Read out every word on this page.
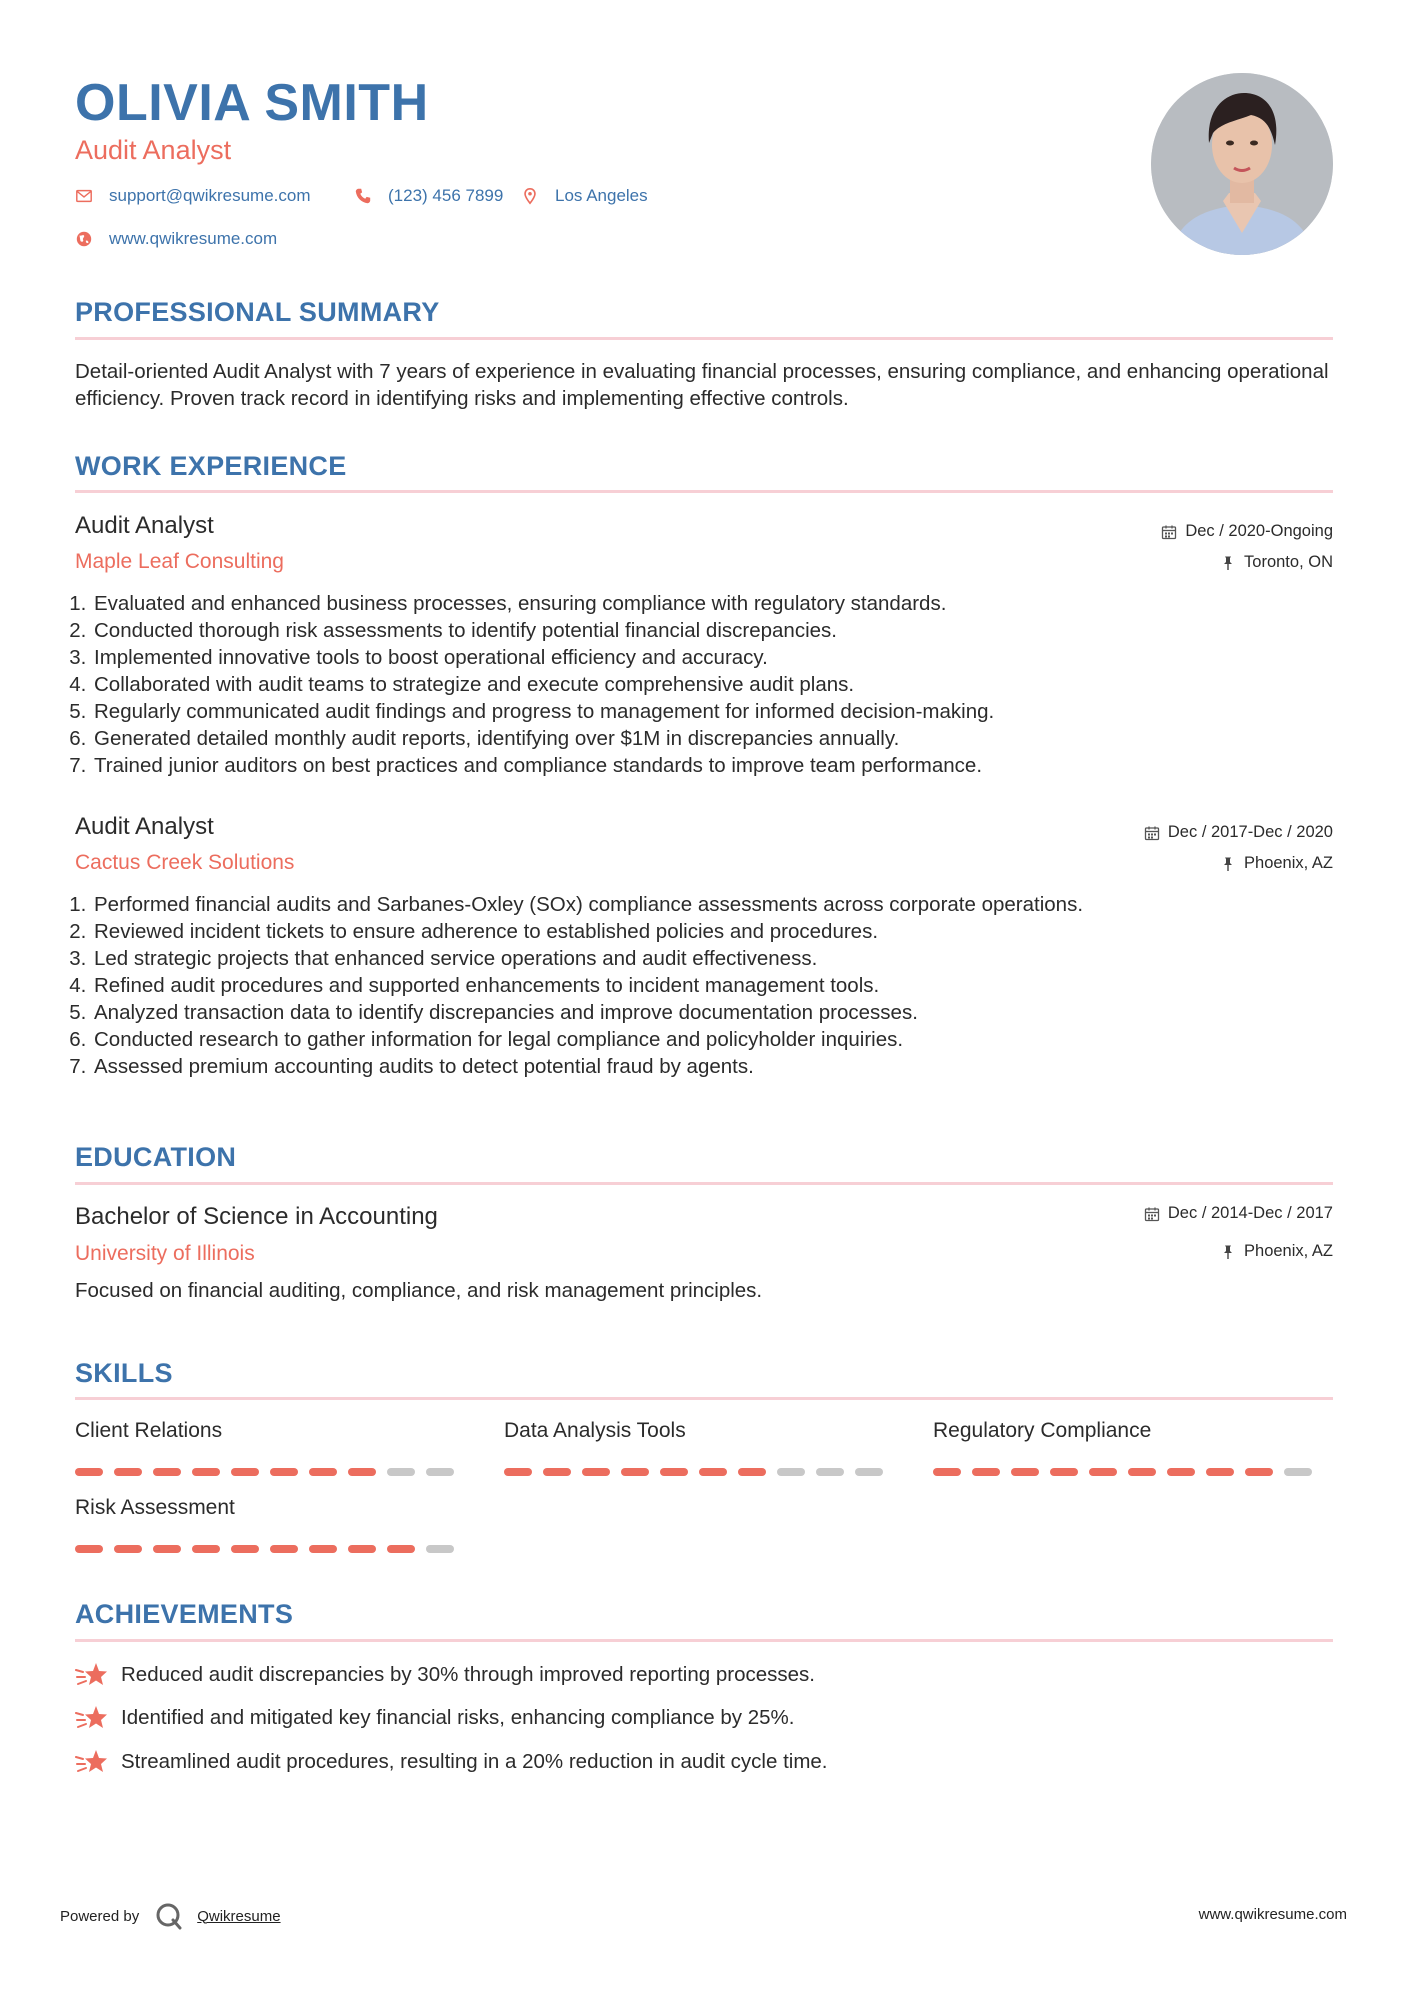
OLIVIA SMITH
Audit Analyst
support@qwikresume.com	(123) 456 7899	Los Angeles
www.qwikresume.com
PROFESSIONAL SUMMARY
Detail-oriented Audit Analyst with 7 years of experience in evaluating financial processes, ensuring compliance, and enhancing operational efficiency. Proven track record in identifying risks and implementing effective controls.
WORK EXPERIENCE
Audit Analyst
Maple Leaf Consulting
Dec / 2020-Ongoing
Toronto, ON
1. Evaluated and enhanced business processes, ensuring compliance with regulatory standards.
2. Conducted thorough risk assessments to identify potential financial discrepancies.
3. Implemented innovative tools to boost operational efficiency and accuracy.
4. Collaborated with audit teams to strategize and execute comprehensive audit plans.
5. Regularly communicated audit findings and progress to management for informed decision-making.
6. Generated detailed monthly audit reports, identifying over $1M in discrepancies annually.
7. Trained junior auditors on best practices and compliance standards to improve team performance.
Audit Analyst
Cactus Creek Solutions
Dec / 2017-Dec / 2020
Phoenix, AZ
1. Performed financial audits and Sarbanes-Oxley (SOx) compliance assessments across corporate operations.
2. Reviewed incident tickets to ensure adherence to established policies and procedures.
3. Led strategic projects that enhanced service operations and audit effectiveness.
4. Refined audit procedures and supported enhancements to incident management tools.
5. Analyzed transaction data to identify discrepancies and improve documentation processes.
6. Conducted research to gather information for legal compliance and policyholder inquiries.
7. Assessed premium accounting audits to detect potential fraud by agents.
EDUCATION
Bachelor of Science in Accounting
University of Illinois
Dec / 2014-Dec / 2017
Phoenix, AZ
Focused on financial auditing, compliance, and risk management principles.
SKILLS
Client Relations	Data Analysis Tools	Regulatory Compliance
Risk Assessment
ACHIEVEMENTS
Reduced audit discrepancies by 30% through improved reporting processes.
Identified and mitigated key financial risks, enhancing compliance by 25%.
Streamlined audit procedures, resulting in a 20% reduction in audit cycle time.
Powered by	Qwikresume	www.qwikresume.com
